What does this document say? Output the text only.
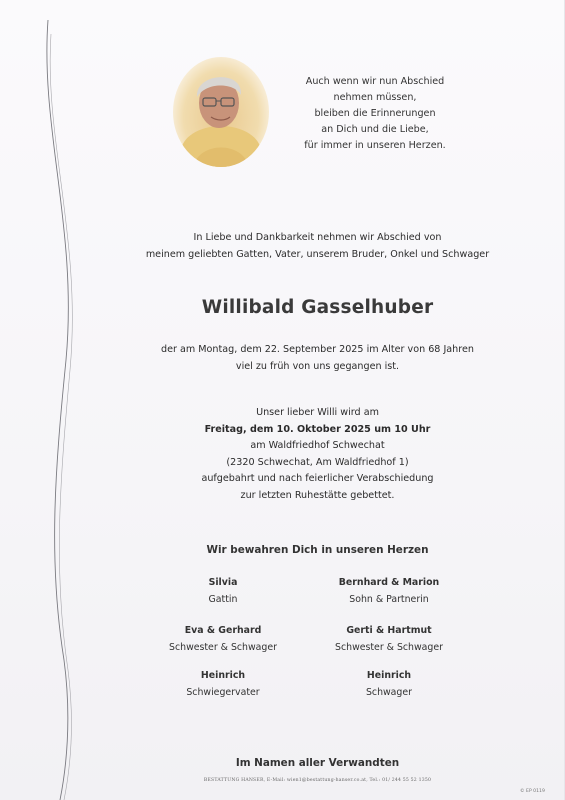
Auch wenn wir nun Abschied
nehmen müssen,
bleiben die Erinnerungen
an Dich und die Liebe,
für immer in unseren Herzen.
In Liebe und Dankbarkeit nehmen wir Abschied von
meinem geliebten Gatten, Vater, unserem Bruder, Onkel und Schwager
Willibald Gasselhuber
der am Montag, dem 22. September 2025 im Alter von 68 Jahren
viel zu früh von uns gegangen ist.
Unser lieber Willi wird am
Freitag, dem 10. Oktober 2025 um 10 Uhr
am Waldfriedhof Schwechat
(2320 Schwechat, Am Waldfriedhof 1)
aufgebahrt und nach feierlicher Verabschiedung
zur letzten Ruhestätte gebettet.
Wir bewahren Dich in unseren Herzen
Silvia
Gattin
Bernhard & Marion
Sohn & Partnerin
Eva & Gerhard
Schwester & Schwager
Gerti & Hartmut
Schwester & Schwager
Heinrich
Schwiegervater
Heinrich
Schwager
Im Namen aller Verwandten
BESTATTUNG HANSER, E-Mail: wien1@bestattung-hanser.co.at, Tel.: 01/ 244 55 52 1350
© EP 0119
